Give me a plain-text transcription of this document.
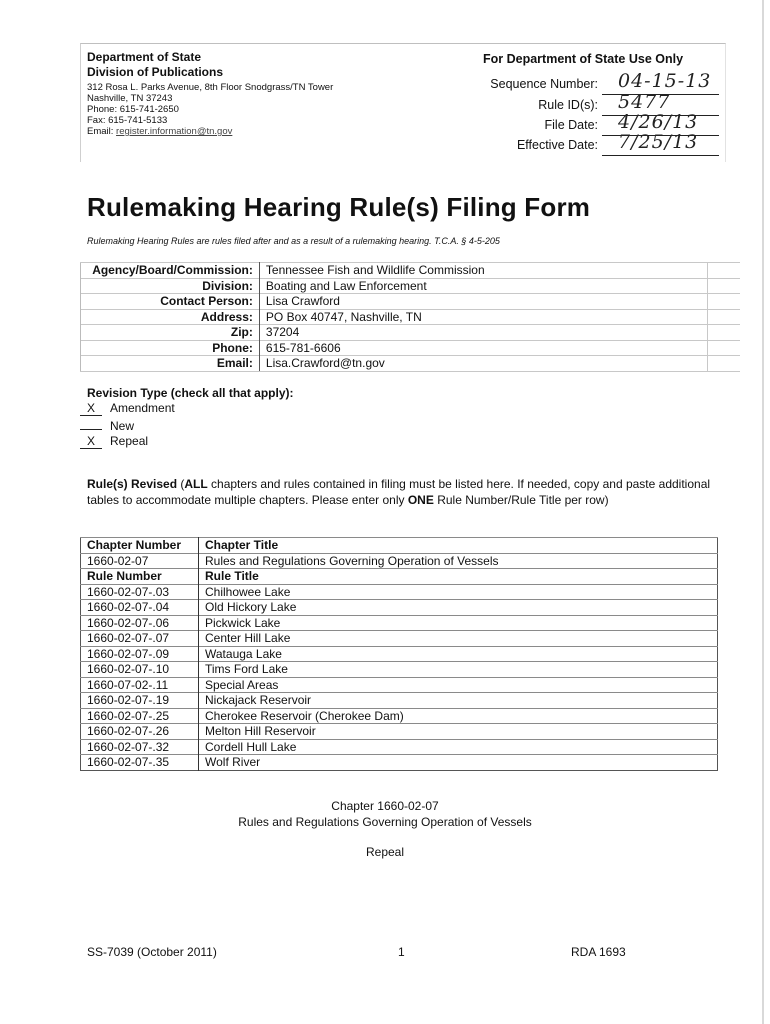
Department of State
Division of Publications
312 Rosa L. Parks Avenue, 8th Floor Snodgrass/TN Tower
Nashville, TN 37243
Phone: 615-741-2650
Fax: 615-741-5133
Email: register.information@tn.gov
For Department of State Use Only
Sequence Number: 04-15-13
Rule ID(s): 5477
File Date: 4/26/13
Effective Date: 7/25/13
Rulemaking Hearing Rule(s) Filing Form
Rulemaking Hearing Rules are rules filed after and as a result of a rulemaking hearing. T.C.A. § 4-5-205
Agency/Board/Commission:	Tennessee Fish and Wildlife Commission	
Division:	Boating and Law Enforcement	
Contact Person:	Lisa Crawford	
Address:	PO Box 40747, Nashville, TN	
Zip:	37204	
Phone:	615-781-6606	
Email:	Lisa.Crawford@tn.gov	
Revision Type (check all that apply):
X Amendment
New
X Repeal
Rule(s) Revised (ALL chapters and rules contained in filing must be listed here. If needed, copy and paste additional tables to accommodate multiple chapters. Please enter only ONE Rule Number/Rule Title per row)
Chapter Number	Chapter Title
1660-02-07	Rules and Regulations Governing Operation of Vessels
Rule Number	Rule Title
1660-02-07-.03	Chilhowee Lake
1660-02-07-.04	Old Hickory Lake
1660-02-07-.06	Pickwick Lake
1660-02-07-.07	Center Hill Lake
1660-02-07-.09	Watauga Lake
1660-02-07-.10	Tims Ford Lake
1660-07-02-.11	Special Areas
1660-02-07-.19	Nickajack Reservoir
1660-02-07-.25	Cherokee Reservoir (Cherokee Dam)
1660-02-07-.26	Melton Hill Reservoir
1660-02-07-.32	Cordell Hull Lake
1660-02-07-.35	Wolf River
Chapter 1660-02-07
Rules and Regulations Governing Operation of Vessels
Repeal
SS-7039 (October 2011)	1	RDA 1693
